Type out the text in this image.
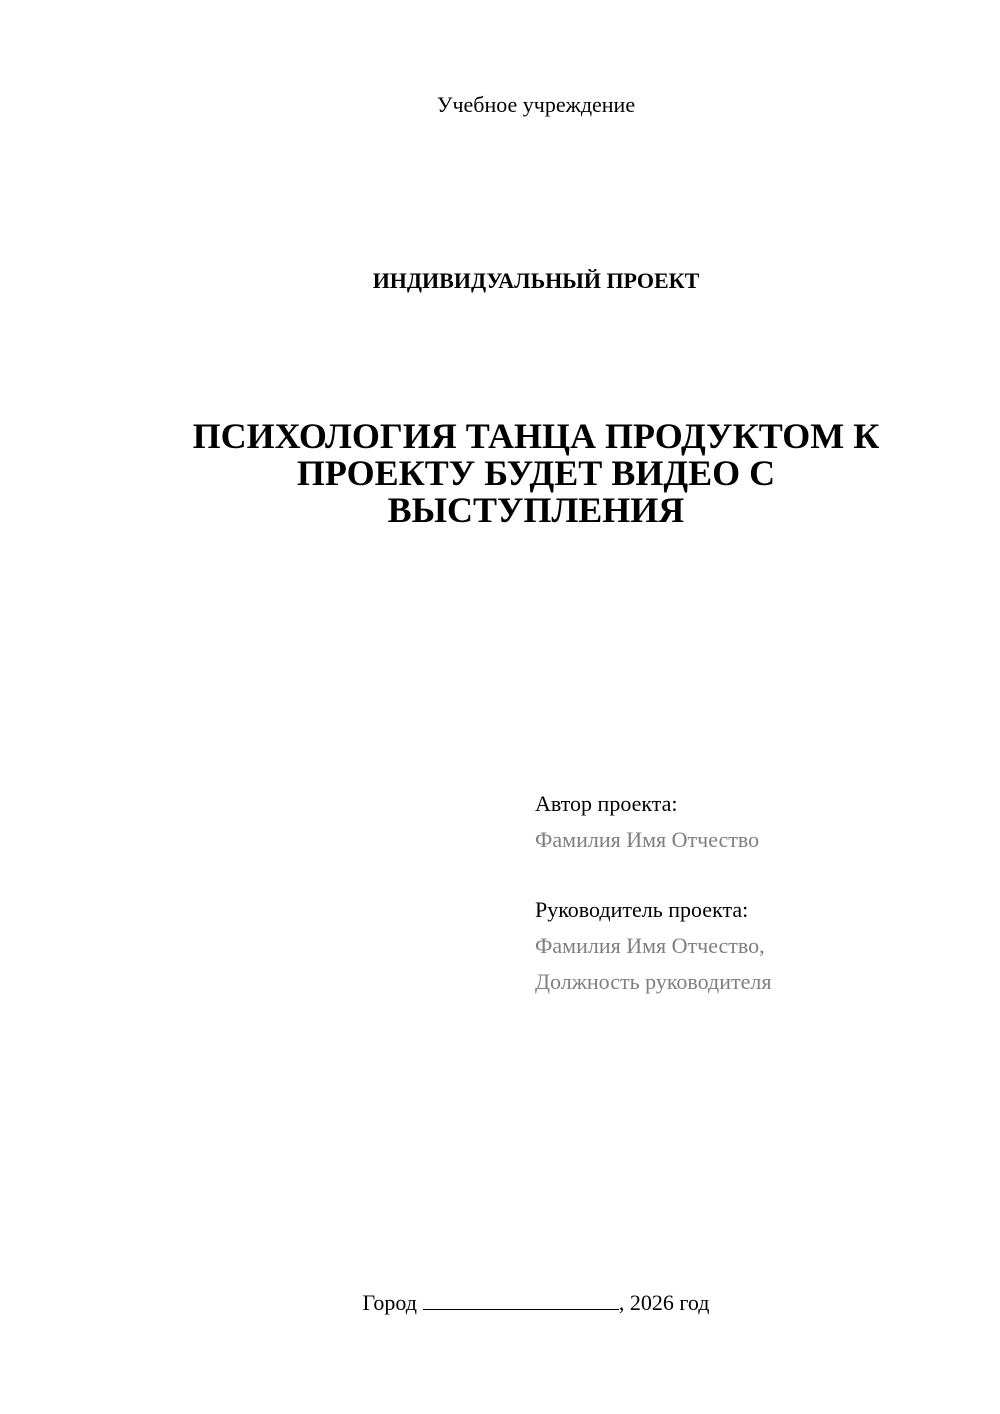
Учебное учреждение
ИНДИВИДУАЛЬНЫЙ ПРОЕКТ
ПСИХОЛОГИЯ ТАНЦА ПРОДУКТОМ К
ПРОЕКТУ БУДЕТ ВИДЕО С
ВЫСТУПЛЕНИЯ
Автор проекта:
Фамилия Имя Отчество
Руководитель проекта:
Фамилия Имя Отчество,
Должность руководителя
Город	, 2026 год
